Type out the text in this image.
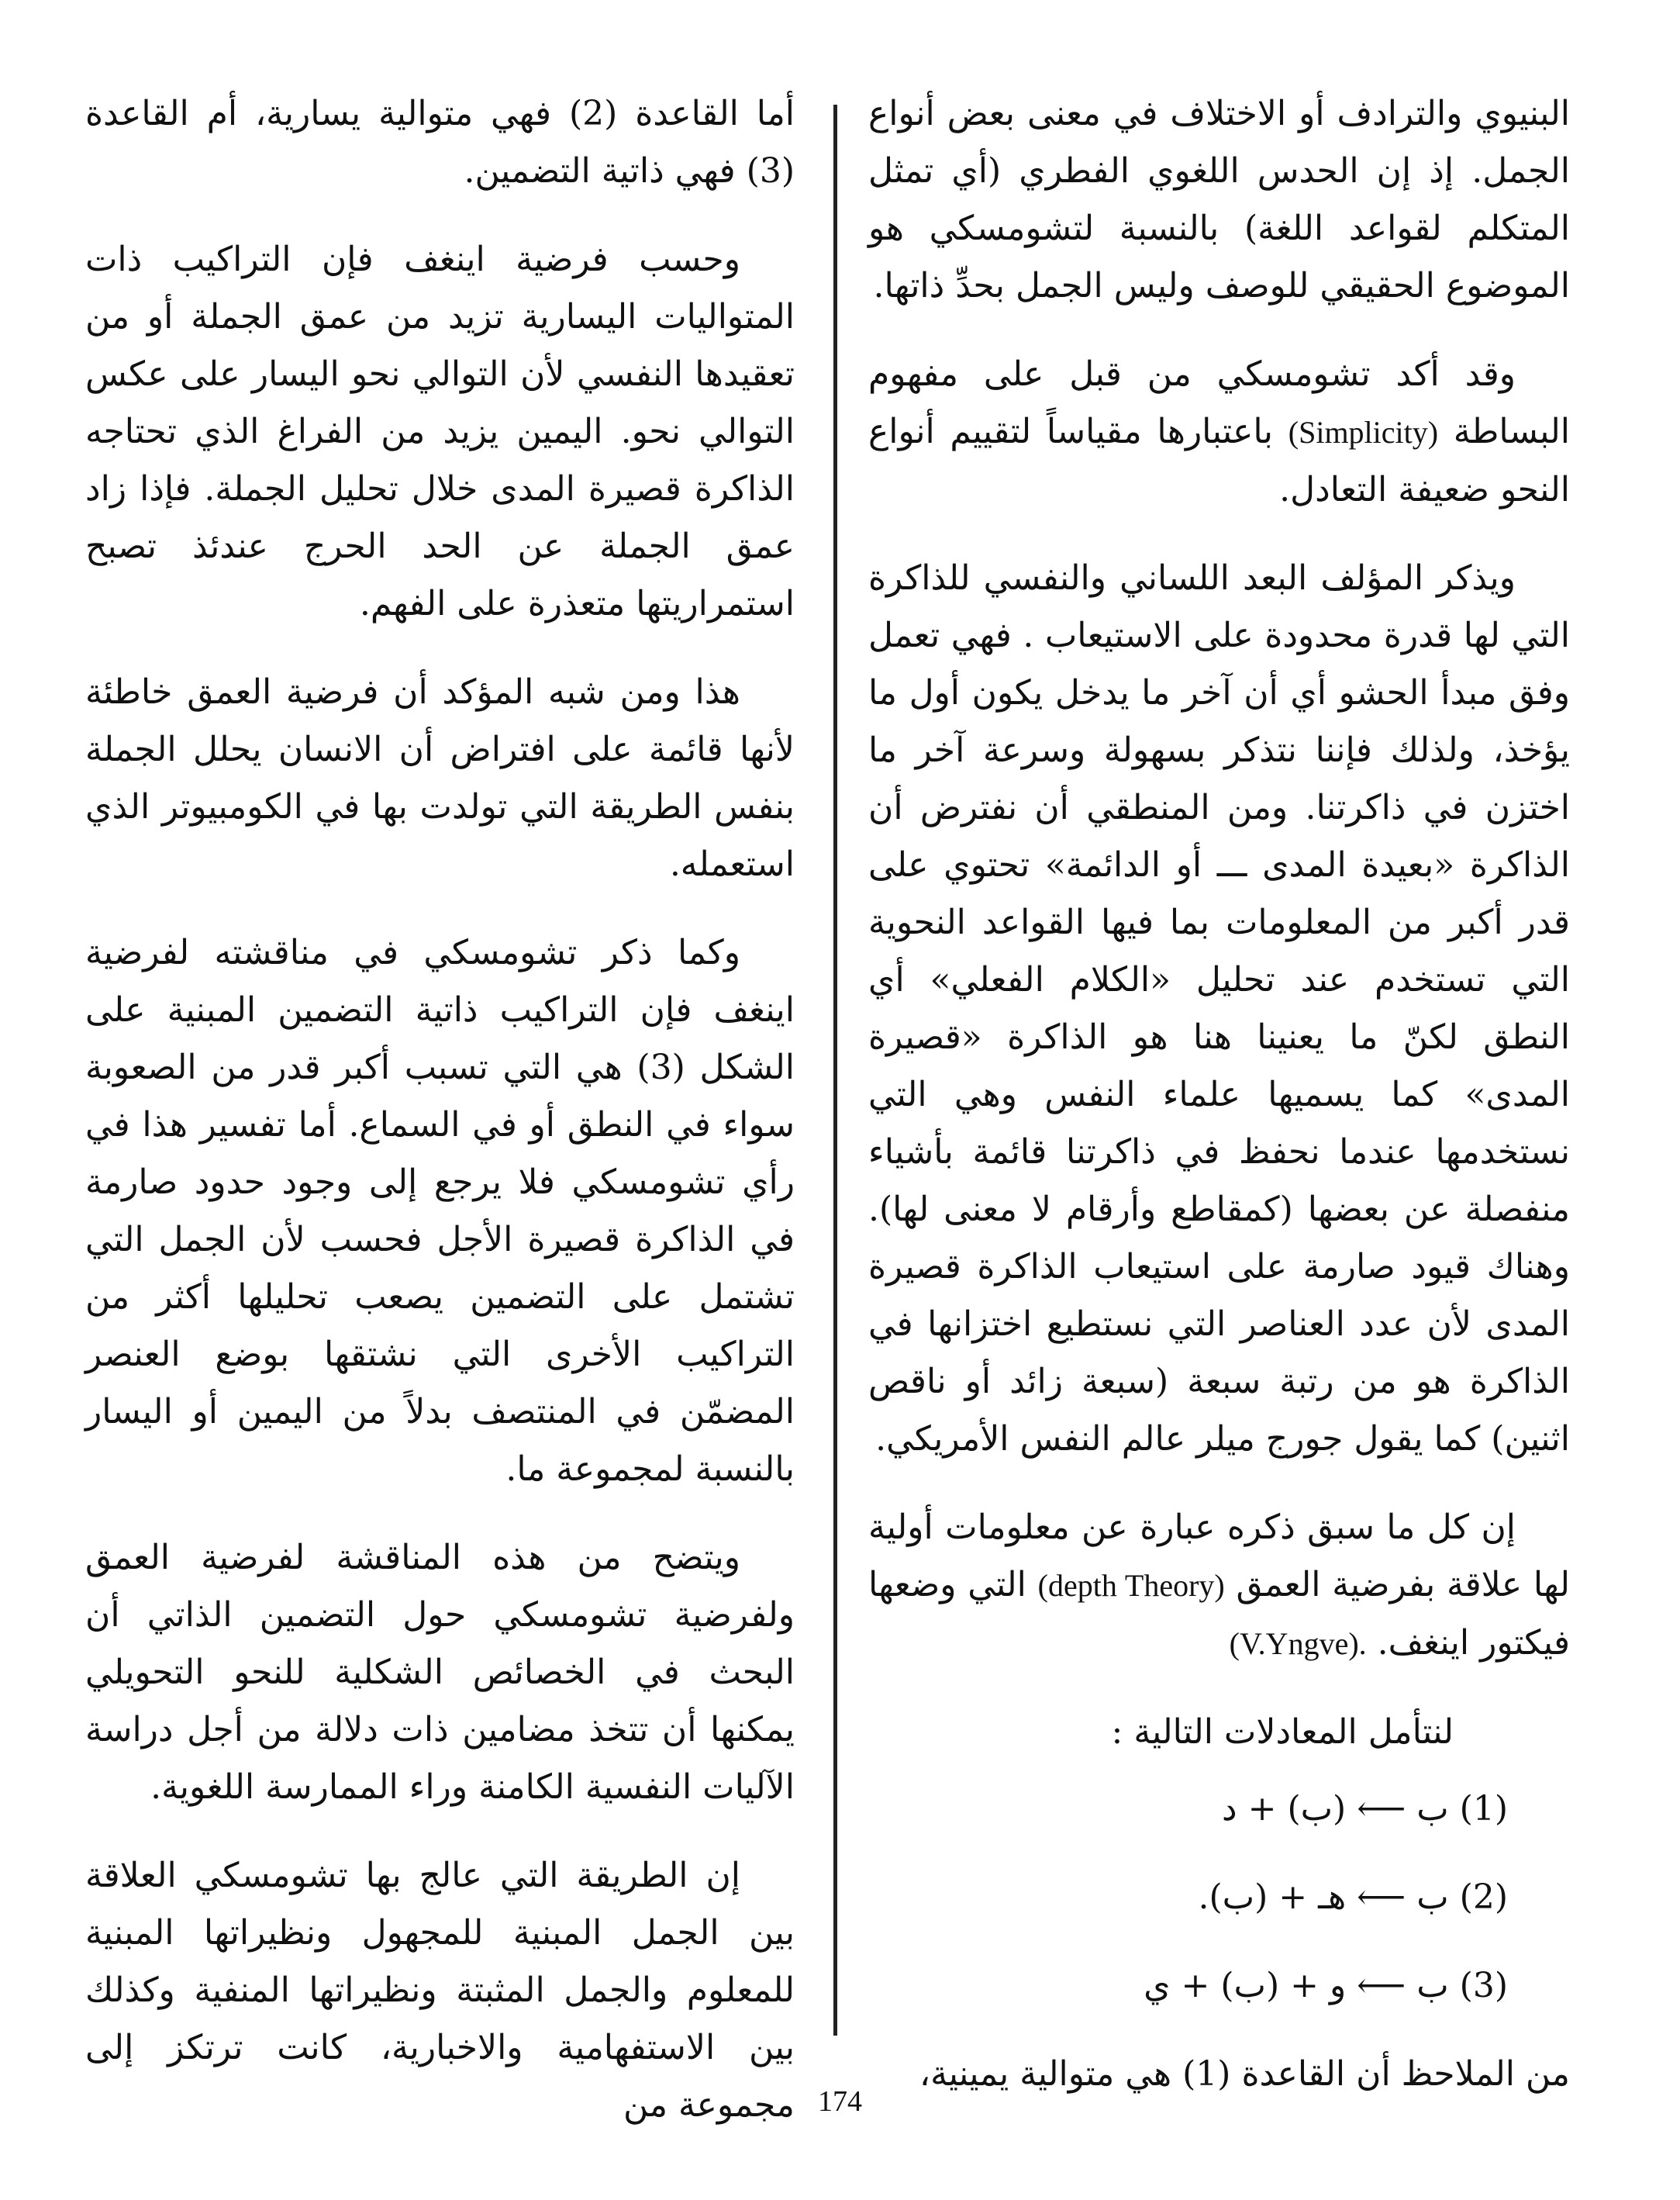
البنيوي والترادف أو الاختلاف في معنى بعض أنواع الجمل. إذ إن الحدس اللغوي الفطري (أي تمثل المتكلم لقواعد اللغة) بالنسبة لتشومسكي هو الموضوع الحقيقي للوصف وليس الجمل بحدِّ ذاتها.

وقد أكد تشومسكي من قبل على مفهوم البساطة (Simplicity) باعتبارها مقياساً لتقييم أنواع النحو ضعيفة التعادل.

ويذكر المؤلف البعد اللساني والنفسي للذاكرة التي لها قدرة محدودة على الاستيعاب . فهي تعمل وفق مبدأ الحشو أي أن آخر ما يدخل يكون أول ما يؤخذ، ولذلك فإننا نتذكر بسهولة وسرعة آخر ما اختزن في ذاكرتنا. ومن المنطقي أن نفترض أن الذاكرة «بعيدة المدى ـــ أو الدائمة» تحتوي على قدر أكبر من المعلومات بما فيها القواعد النحوية التي تستخدم عند تحليل «الكلام الفعلي» أي النطق لكنّ ما يعنينا هنا هو الذاكرة «قصيرة المدى» كما يسميها علماء النفس وهي التي نستخدمها عندما نحفظ في ذاكرتنا قائمة بأشياء منفصلة عن بعضها (كمقاطع وأرقام لا معنى لها). وهناك قيود صارمة على استيعاب الذاكرة قصيرة المدى لأن عدد العناصر التي نستطيع اختزانها في الذاكرة هو من رتبة سبعة (سبعة زائد أو ناقص اثنين) كما يقول جورج ميلر عالم النفس الأمريكي.

إن كل ما سبق ذكره عبارة عن معلومات أولية لها علاقة بفرضية العمق (depth Theory) التي وضعها فيكتور اينغف. (V.Yngve).

لنتأمل المعادلات التالية :

(1) ب ⟵ (ب) + د
(2) ب ⟵ هـ + (ب).
(3) ب ⟵ و + (ب) + ي

من الملاحظ أن القاعدة (1) هي متوالية يمينية،

أما القاعدة (2) فهي متوالية يسارية، أم القاعدة (3) فهي ذاتية التضمين.

وحسب فرضية اينغف فإن التراكيب ذات المتواليات اليسارية تزيد من عمق الجملة أو من تعقيدها النفسي لأن التوالي نحو اليسار على عكس التوالي نحو. اليمين يزيد من الفراغ الذي تحتاجه الذاكرة قصيرة المدى خلال تحليل الجملة. فإذا زاد عمق الجملة عن الحد الحرج عندئذ تصبح استمراريتها متعذرة على الفهم.

هذا ومن شبه المؤكد أن فرضية العمق خاطئة لأنها قائمة على افتراض أن الانسان يحلل الجملة بنفس الطريقة التي تولدت بها في الكومبيوتر الذي استعمله.

وكما ذكر تشومسكي في مناقشته لفرضية اينغف فإن التراكيب ذاتية التضمين المبنية على الشكل (3) هي التي تسبب أكبر قدر من الصعوبة سواء في النطق أو في السماع. أما تفسير هذا في رأي تشومسكي فلا يرجع إلى وجود حدود صارمة في الذاكرة قصيرة الأجل فحسب لأن الجمل التي تشتمل على التضمين يصعب تحليلها أكثر من التراكيب الأخرى التي نشتقها بوضع العنصر المضمّن في المنتصف بدلاً من اليمين أو اليسار بالنسبة لمجموعة ما.

ويتضح من هذه المناقشة لفرضية العمق ولفرضية تشومسكي حول التضمين الذاتي أن البحث في الخصائص الشكلية للنحو التحويلي يمكنها أن تتخذ مضامين ذات دلالة من أجل دراسة الآليات النفسية الكامنة وراء الممارسة اللغوية.

إن الطريقة التي عالج بها تشومسكي العلاقة بين الجمل المبنية للمجهول ونظيراتها المبنية للمعلوم والجمل المثبتة ونظيراتها المنفية وكذلك بين الاستفهامية والاخبارية، كانت ترتكز إلى مجموعة من 174
